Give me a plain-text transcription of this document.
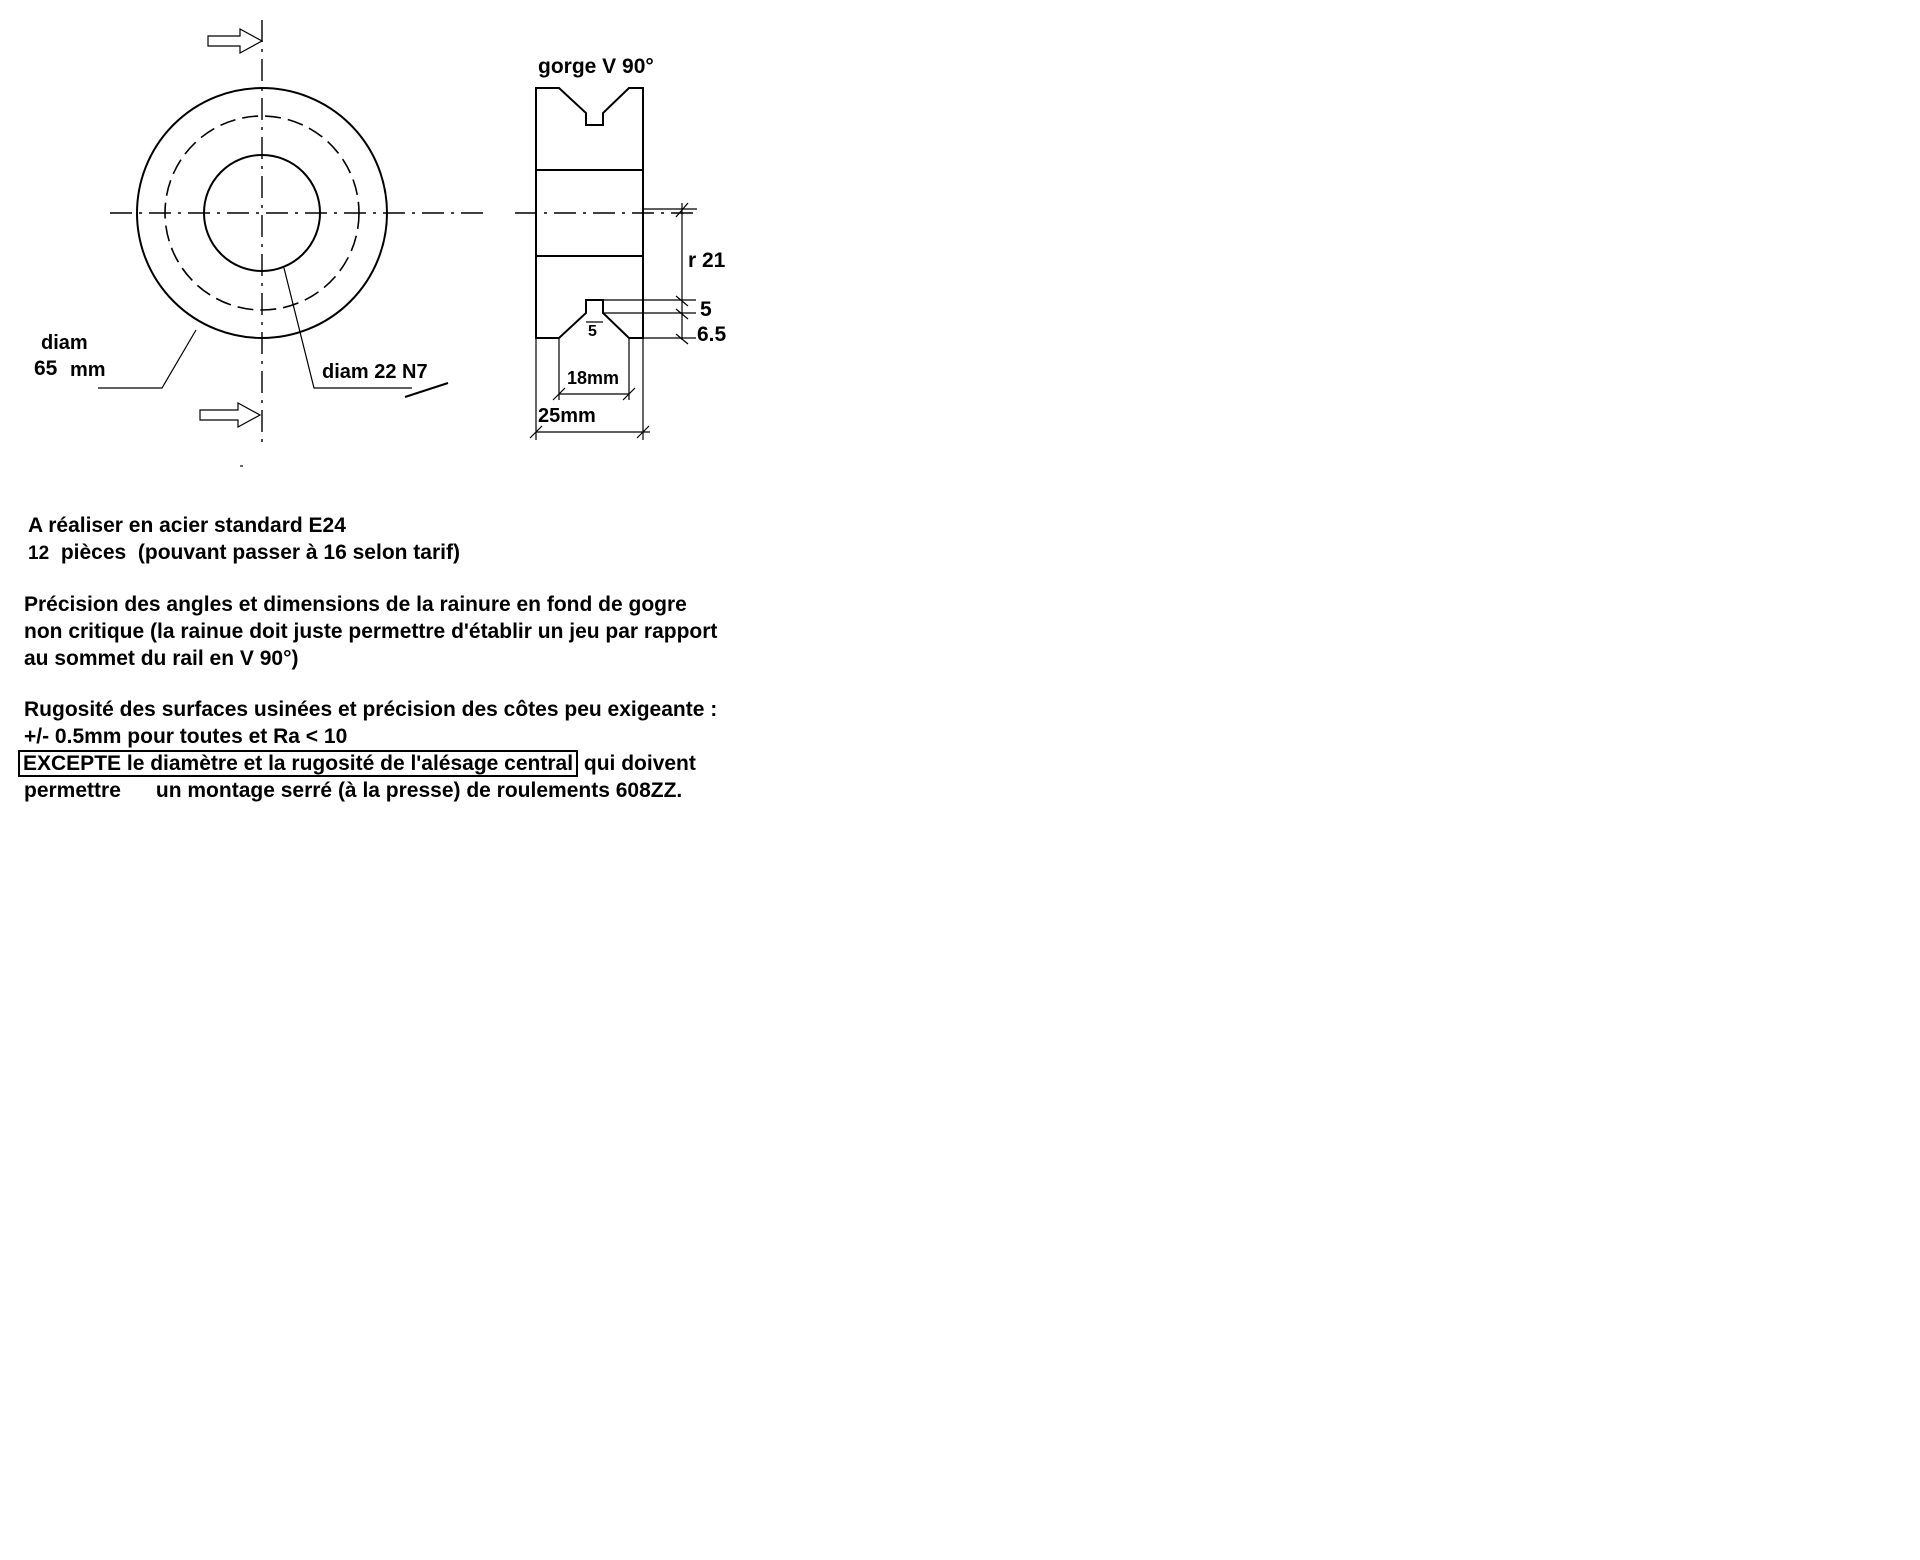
diam
65 mm	diam 22 N7
gorge V 90°
r 21
5
6.5
5
18mm
25mm

A réaliser en acier standard E24

12 pièces (pouvant passer à 16 selon tarif)

Précision des angles et dimensions de la rainure en fond de gogre

non critique (la rainue doit juste permettre d'établir un jeu par rapport

au sommet du rail en V 90°)

Rugosité des surfaces usinées et précision des côtes peu exigeante :

+/- 0.5mm pour toutes et Ra < 10

EXCEPTE le diamètre et la rugosité de l'alésage central qui doivent

permettre un montage serré (à la presse) de roulements 608ZZ.
